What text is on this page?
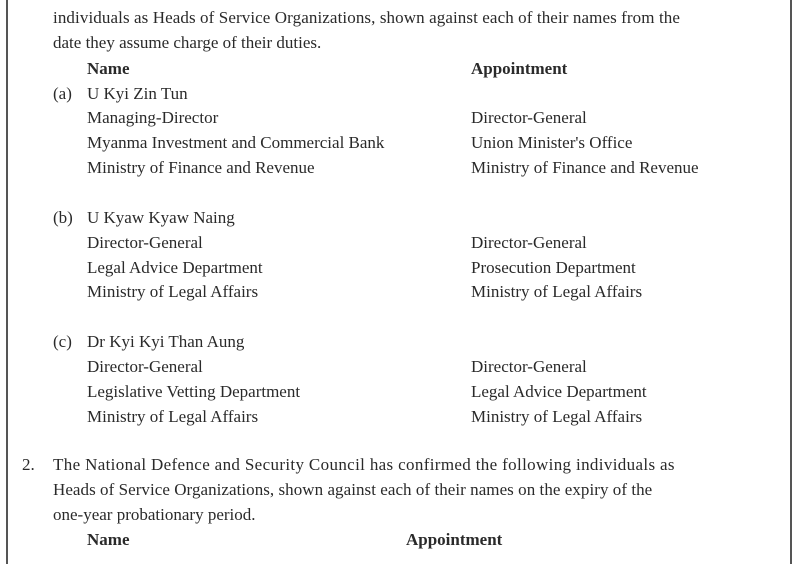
individuals as Heads of Service Organizations, shown against each of their names from the
date they assume charge of their duties.
Name	Appointment
(a) U Kyi Zin Tun
Managing-Director
Myanma Investment and Commercial Bank
Ministry of Finance and Revenue
Director-General
Union Minister's Office
Ministry of Finance and Revenue
(b) U Kyaw Kyaw Naing
Director-General
Legal Advice Department
Ministry of Legal Affairs
Director-General
Prosecution Department
Ministry of Legal Affairs
(c) Dr Kyi Kyi Than Aung
Director-General
Legislative Vetting Department
Ministry of Legal Affairs
Director-General
Legal Advice Department
Ministry of Legal Affairs
2. The National Defence and Security Council has confirmed the following individuals as
Heads of Service Organizations, shown against each of their names on the expiry of the
one-year probationary period.
Name	Appointment
